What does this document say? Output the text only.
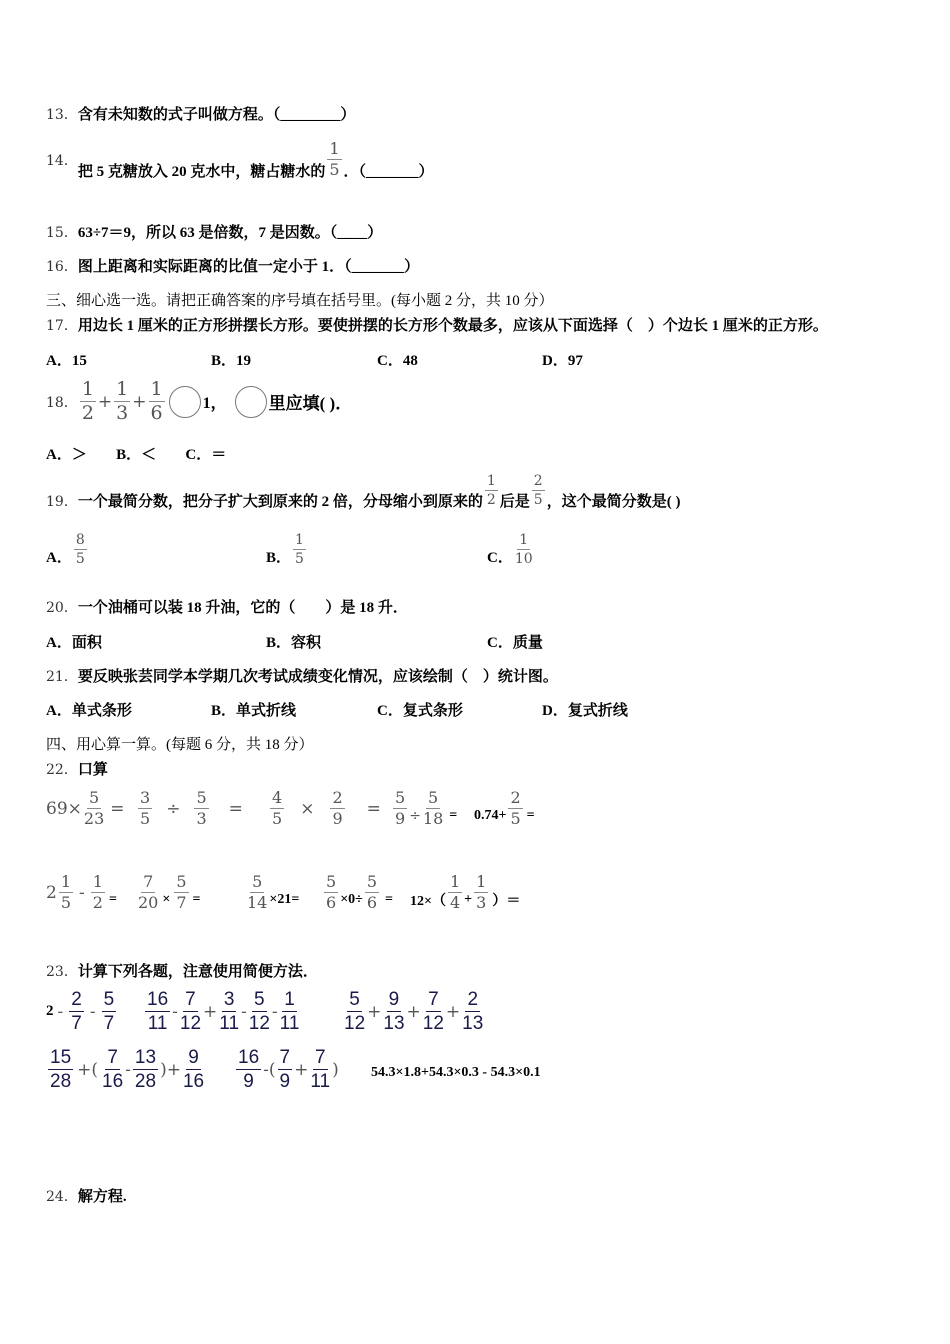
13．含有未知数的式子叫做方程。（________）
14．
把 5 克糖放入 20 克水中，糖占糖水的 $\frac{1}{5}$ ．（_______）
15．63÷7＝9，所以 63 是倍数，7 是因数。（____）
16．图上距离和实际距离的比值一定小于 1．（_______）
三、细心选一选。请把正确答案的序号填在括号里。(每小题 2 分，共 10 分）
17．用边长 1 厘米的正方形拼摆长方形。要使拼摆的长方形个数最多，应该从下面选择（　）个边长 1 厘米的正方形。
A．15	B．19	C．48	D．97
18． $\frac{1}{2} + \frac{1}{3} + \frac{1}{6} 1$， 里应填( )．
A．＞ B．＜ C．＝
19． 一个最简分数，把分子扩大到原来的 2 倍，分母缩小到原来的 $\frac{1}{2}$ 后是 $\frac{2}{5}$ ，这个最简分数是( )
A． $\frac{8}{5}$	B． $\frac{1}{5}$	C． $\frac{1}{10}$
20．一个油桶可以装 18 升油，它的（　　）是 18 升．
A．面积	B．容积	C．质量
21．要反映张芸同学本学期几次考试成绩变化情况，应该绘制（　）统计图。
A．单式条形	B．单式折线	C．复式条形	D．复式折线
四、用心算一算。(每题 6 分，共 18 分）
22．口算
$69 \times \frac{5}{23} = \frac{3}{5} \div \frac{5}{3} = \frac{4}{5} \times \frac{2}{9} = \frac{5}{9} \div \frac{5}{18} = 0.74+ \frac{2}{5}$ =
$2 \frac{1}{5} - \frac{1}{2} = \frac{7}{20} \times \frac{5}{7}$ =	$\frac{5}{14} \times 21= \frac{5}{6} \times 0\div \frac{5}{6} = 12\times( \frac{1}{4} + \frac{1}{3}$ ）＝
23．计算下列各题，注意使用简便方法．
$2 - \frac{2}{7} - \frac{5}{7} \frac{16}{11} - \frac{7}{12} + \frac{3}{11} - \frac{5}{12} - \frac{1}{11} \frac{5}{12} + \frac{9}{13} + \frac{7}{12} + \frac{2}{13}$
$\frac{15}{28}$ +( $\frac{7}{16} - \frac{13}{28}$ )+ $\frac{9}{16} \frac{16}{9}$ -( $\frac{7}{9} + \frac{7}{11}$ ) 54.3×1.8+54.3×0.3 - 54.3×0.1
24．解方程.
